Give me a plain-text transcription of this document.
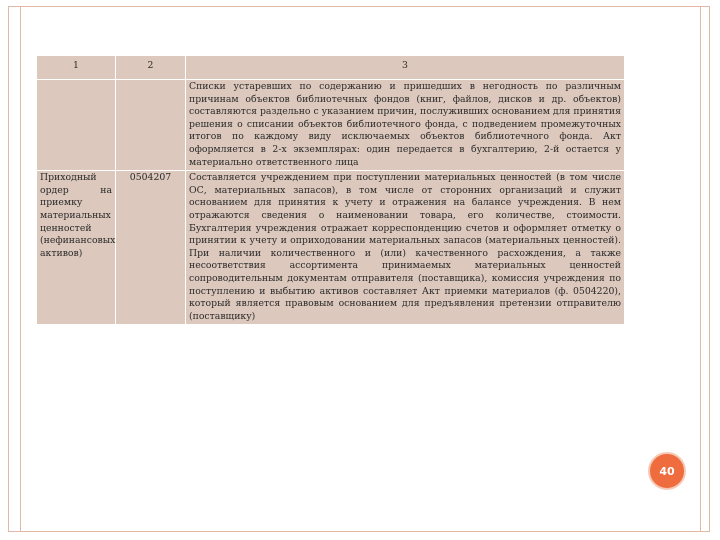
1	2	3
		Списки устаревших по содержанию и пришедших в негодность по различным причинам объектов библиотечных фондов (книг, файлов, дисков и др. объектов) составляются раздельно с указанием причин, послуживших основанием для принятия решения о списании объектов библиотечного фонда, с подведением промежуточных итогов по каждому виду исключаемых объектов библиотечного фонда. Акт оформляется в 2-х экземплярах: один передается в бухгалтерию, 2-й остается у материально ответственного лица
Приходный ордер на приемку материальных ценностей (нефинансовых активов)	0504207	Составляется учреждением при поступлении материальных ценностей (в том числе ОС, материальных запасов), в том числе от сторонних организаций и служит основанием для принятия к учету и отражения на балансе учреждения. В нем отражаются сведения о наименовании товара, его количестве, стоимости. Бухгалтерия учреждения отражает корреспонденцию счетов и оформляет отметку о принятии к учету и оприходовании материальных запасов (материальных ценностей). При наличии количественного и (или) качественного расхождения, а также несоответствия ассортимента принимаемых материальных ценностей сопроводительным документам отправителя (поставщика), комиссия учреждения по поступлению и выбытию активов составляет Акт приемки материалов (ф. 0504220), который является правовым основанием для предъявления претензии отправителю (поставщику)
40
